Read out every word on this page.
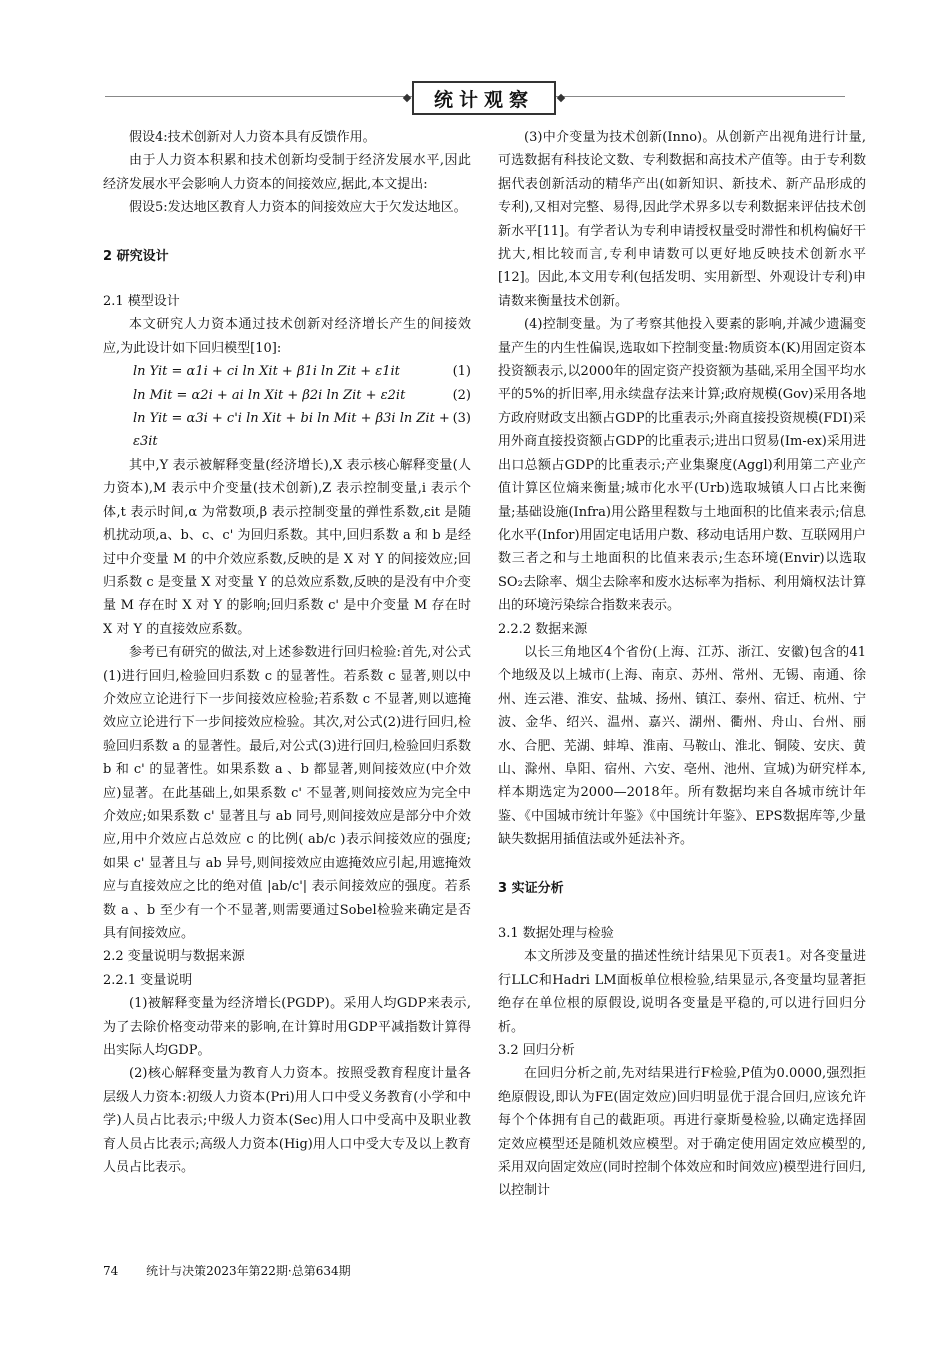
统计观察

假设4:技术创新对人力资本具有反馈作用。

由于人力资本积累和技术创新均受制于经济发展水平,因此经济发展水平会影响人力资本的间接效应,据此,本文提出:

假设5:发达地区教育人力资本的间接效应大于欠发达地区。

2 研究设计
2.1 模型设计

本文研究人力资本通过技术创新对经济增长产生的间接效应,为此设计如下回归模型[10]:

ln Yit = α1i + ci ln Xit + β1i ln Zit + ε1it	(1)
ln Mit = α2i + ai ln Xit + β2i ln Zit + ε2it	(2)
ln Yit = α3i + c'i ln Xit + bi ln Mit + β3i ln Zit + ε3it
(3)

其中,Y 表示被解释变量(经济增长),X 表示核心解释变量(人力资本),M 表示中介变量(技术创新),Z 表示控制变量,i 表示个体,t 表示时间,α 为常数项,β 表示控制变量的弹性系数,εit 是随机扰动项,a、b、c、c' 为回归系数。其中,回归系数 a 和 b 是经过中介变量 M 的中介效应系数,反映的是 X 对 Y 的间接效应;回归系数 c 是变量 X 对变量 Y 的总效应系数,反映的是没有中介变量 M 存在时 X 对 Y 的影响;回归系数 c' 是中介变量 M 存在时 X 对 Y 的直接效应系数。

参考已有研究的做法,对上述参数进行回归检验:首先,对公式(1)进行回归,检验回归系数 c 的显著性。若系数 c 显著,则以中介效应立论进行下一步间接效应检验;若系数 c 不显著,则以遮掩效应立论进行下一步间接效应检验。其次,对公式(2)进行回归,检验回归系数 a 的显著性。最后,对公式(3)进行回归,检验回归系数 b 和 c' 的显著性。如果系数 a 、b 都显著,则间接效应(中介效应)显著。在此基础上,如果系数 c' 不显著,则间接效应为完全中介效应;如果系数 c' 显著且与 ab 同号,则间接效应是部分中介效应,用中介效应占总效应 c 的比例( ab/c )表示间接效应的强度;如果 c' 显著且与 ab 异号,则间接效应由遮掩效应引起,用遮掩效应与直接效应之比的绝对值 |ab/c'| 表示间接效应的强度。若系数 a 、b 至少有一个不显著,则需要通过Sobel检验来确定是否具有间接效应。

2.2 变量说明与数据来源
2.2.1 变量说明

(1)被解释变量为经济增长(PGDP)。采用人均GDP来表示,为了去除价格变动带来的影响,在计算时用GDP平减指数计算得出实际人均GDP。

(2)核心解释变量为教育人力资本。按照受教育程度计量各层级人力资本:初级人力资本(Pri)用人口中受义务教育(小学和中学)人员占比表示;中级人力资本(Sec)用人口中受高中及职业教育人员占比表示;高级人力资本(Hig)用人口中受大专及以上教育人员占比表示。

(3)中介变量为技术创新(Inno)。从创新产出视角进行计量,可选数据有科技论文数、专利数据和高技术产值等。由于专利数据代表创新活动的精华产出(如新知识、新技术、新产品形成的专利),又相对完整、易得,因此学术界多以专利数据来评估技术创新水平[11]。有学者认为专利申请授权量受时滞性和机构偏好干扰大,相比较而言,专利申请数可以更好地反映技术创新水平[12]。因此,本文用专利(包括发明、实用新型、外观设计专利)申请数来衡量技术创新。

(4)控制变量。为了考察其他投入要素的影响,并减少遗漏变量产生的内生性偏误,选取如下控制变量:物质资本(K)用固定资本投资额表示,以2000年的固定资产投资额为基础,采用全国平均水平的5%的折旧率,用永续盘存法来计算;政府规模(Gov)采用各地方政府财政支出额占GDP的比重表示;外商直接投资规模(FDI)采用外商直接投资额占GDP的比重表示;进出口贸易(Im-ex)采用进出口总额占GDP的比重表示;产业集聚度(Aggl)利用第二产业产值计算区位熵来衡量;城市化水平(Urb)选取城镇人口占比来衡量;基础设施(Infra)用公路里程数与土地面积的比值来表示;信息化水平(Infor)用固定电话用户数、移动电话用户数、互联网用户数三者之和与土地面积的比值来表示;生态环境(Envir)以选取SO₂去除率、烟尘去除率和废水达标率为指标、利用熵权法计算出的环境污染综合指数来表示。

2.2.2 数据来源

以长三角地区4个省份(上海、江苏、浙江、安徽)包含的41个地级及以上城市(上海、南京、苏州、常州、无锡、南通、徐州、连云港、淮安、盐城、扬州、镇江、泰州、宿迁、杭州、宁波、金华、绍兴、温州、嘉兴、湖州、衢州、舟山、台州、丽水、合肥、芜湖、蚌埠、淮南、马鞍山、淮北、铜陵、安庆、黄山、滁州、阜阳、宿州、六安、亳州、池州、宣城)为研究样本,样本期选定为2000—2018年。所有数据均来自各城市统计年鉴、《中国城市统计年鉴》《中国统计年鉴》、EPS数据库等,少量缺失数据用插值法或外延法补齐。

3 实证分析
3.1 数据处理与检验

本文所涉及变量的描述性统计结果见下页表1。对各变量进行LLC和Hadri LM面板单位根检验,结果显示,各变量均显著拒绝存在单位根的原假设,说明各变量是平稳的,可以进行回归分析。

3.2 回归分析

在回归分析之前,先对结果进行F检验,P值为0.0000,强烈拒绝原假设,即认为FE(固定效应)回归明显优于混合回归,应该允许每个个体拥有自己的截距项。再进行豪斯曼检验,以确定选择固定效应模型还是随机效应模型。对于确定使用固定效应模型的,采用双向固定效应(同时控制个体效应和时间效应)模型进行回归,以控制计

74 统计与决策2023年第22期·总第634期
